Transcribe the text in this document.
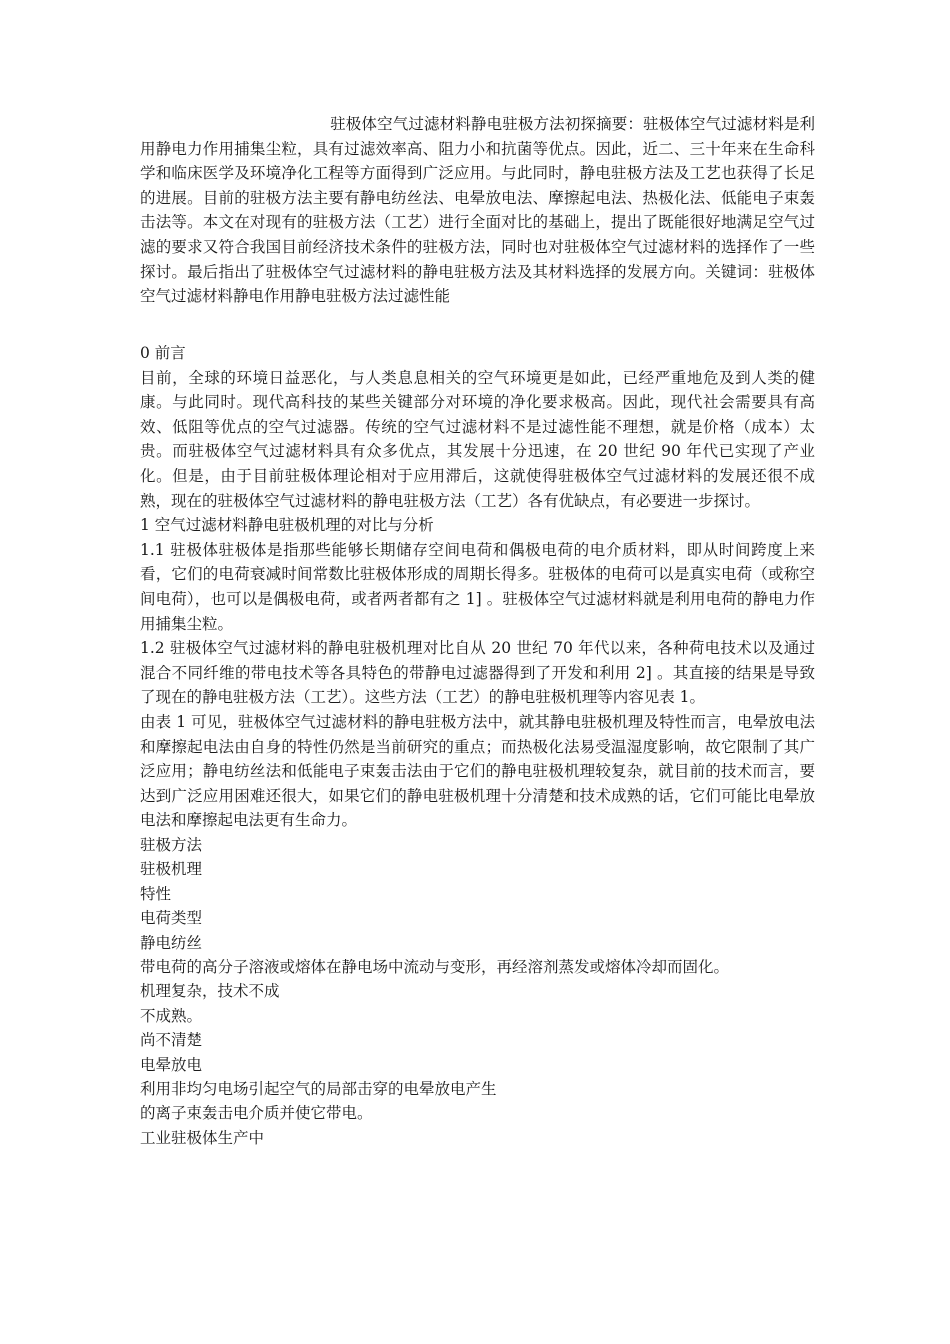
驻极体空气过滤材料静电驻极方法初探摘要：驻极体空气过滤材料是利用静电力作用捕集尘粒，具有过滤效率高、阻力小和抗菌等优点。因此，近二、三十年来在生命科学和临床医学及环境净化工程等方面得到广泛应用。与此同时，静电驻极方法及工艺也获得了长足的进展。目前的驻极方法主要有静电纺丝法、电晕放电法、摩擦起电法、热极化法、低能电子束轰击法等。本文在对现有的驻极方法（工艺）进行全面对比的基础上，提出了既能很好地满足空气过滤的要求又符合我国目前经济技术条件的驻极方法，同时也对驻极体空气过滤材料的选择作了一些探讨。最后指出了驻极体空气过滤材料的静电驻极方法及其材料选择的发展方向。关键词：驻极体空气过滤材料静电作用静电驻极方法过滤性能

0 前言

目前，全球的环境日益恶化，与人类息息相关的空气环境更是如此，已经严重地危及到人类的健康。与此同时。现代高科技的某些关键部分对环境的净化要求极高。因此，现代社会需要具有高效、低阻等优点的空气过滤器。传统的空气过滤材料不是过滤性能不理想，就是价格（成本）太贵。而驻极体空气过滤材料具有众多优点，其发展十分迅速，在 20 世纪 90 年代已实现了产业化。但是，由于目前驻极体理论相对于应用滞后，这就使得驻极体空气过滤材料的发展还很不成熟，现在的驻极体空气过滤材料的静电驻极方法（工艺）各有优缺点，有必要进一步探讨。

1 空气过滤材料静电驻极机理的对比与分析

1.1 驻极体驻极体是指那些能够长期储存空间电荷和偶极电荷的电介质材料，即从时间跨度上来看，它们的电荷衰减时间常数比驻极体形成的周期长得多。驻极体的电荷可以是真实电荷（或称空间电荷），也可以是偶极电荷，或者两者都有之 1] 。驻极体空气过滤材料就是利用电荷的静电力作用捕集尘粒。

1.2 驻极体空气过滤材料的静电驻极机理对比自从 20 世纪 70 年代以来，各种荷电技术以及通过混合不同纤维的带电技术等各具特色的带静电过滤器得到了开发和利用 2] 。其直接的结果是导致了现在的静电驻极方法（工艺）。这些方法（工艺）的静电驻极机理等内容见表 1。

由表 1 可见，驻极体空气过滤材料的静电驻极方法中，就其静电驻极机理及特性而言，电晕放电法和摩擦起电法由自身的特性仍然是当前研究的重点；而热极化法易受温湿度影响，故它限制了其广泛应用；静电纺丝法和低能电子束轰击法由于它们的静电驻极机理较复杂，就目前的技术而言，要达到广泛应用困难还很大，如果它们的静电驻极机理十分清楚和技术成熟的话，它们可能比电晕放电法和摩擦起电法更有生命力。

驻极方法

驻极机理

特性

电荷类型

静电纺丝

带电荷的高分子溶液或熔体在静电场中流动与变形，再经溶剂蒸发或熔体冷却而固化。

机理复杂，技术不成

不成熟。

尚不清楚

电晕放电

利用非均匀电场引起空气的局部击穿的电晕放电产生

的离子束轰击电介质并使它带电。

工业驻极体生产中
